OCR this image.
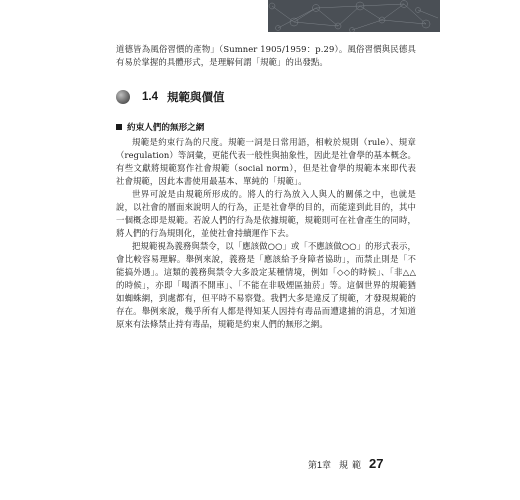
道德皆為風俗習慣的產物」（Sumner 1905/1959：p.29）。風俗習慣與民德具有易於掌握的具體形式，是理解何謂「規範」的出發點。

1.4 規範與價值
約束人們的無形之網

規範是約束行為的尺度。規範一詞是日常用語，相較於規則（rule）、規章（regulation）等詞彙，更能代表一般性與抽象性，因此是社會學的基本概念。有些文獻將規範寫作社會規範（social norm），但是社會學的規範本來即代表社會規範，因此本書使用最基本、單純的「規範」。

世界可說是由規範所形成的。將人的行為放入人與人的關係之中，也就是說，以社會的層面來說明人的行為，正是社會學的目的，而能達到此目的，其中一個概念即是規範。若說人們的行為是依據規範，規範則可在社會產生的同時，將人們的行為規則化，並使社會持續運作下去。

把規範視為義務與禁令，以「應該做○○」或「不應該做○○」的形式表示，會比較容易理解。舉例來說，義務是「應該給予身障者協助」，而禁止則是「不能搞外遇」。這類的義務與禁令大多設定某種情境，例如「◇◇的時候」、「非△△的時候」，亦即「喝酒不開車」、「不能在非吸煙區抽菸」等。這個世界的規範猶如蜘蛛網，到處都有，但平時不易察覺。我們大多是違反了規範，才發現規範的存在。舉例來說，幾乎所有人都是得知某人因持有毒品而遭逮捕的消息，才知道原來有法條禁止持有毒品，規範是約束人們的無形之網。

第1章 規範 27
